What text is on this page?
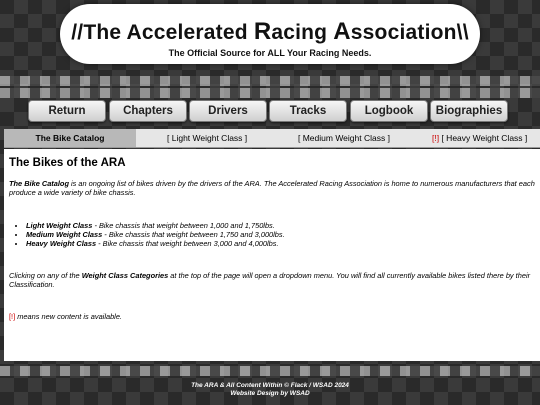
//The Accelerated Racing Association\\
The Official Source for ALL Your Racing Needs.
Return	Chapters	Drivers	Tracks	Logbook	Biographies
The Bike Catalog	[ Light Weight Class ]	[ Medium Weight Class ]	[!] [ Heavy Weight Class ]
The Bikes of the ARA

The Bike Catalog is an ongoing list of bikes driven by the drivers of the ARA. The Accelerated Racing Association is home to numerous manufacturers that each produce a wide variety of bike chassis.

• Light Weight Class - Bike chassis that weight between 1,000 and 1,750lbs.
• Medium Weight Class - Bike chassis that weight between 1,750 and 3,000lbs.
• Heavy Weight Class - Bike chassis that weight between 3,000 and 4,000lbs.

Clicking on any of the Weight Class Categories at the top of the page will open a dropdown menu. You will find all currently available bikes listed there by their Classification.

[!] means new content is available.

The ARA & All Content Within © Flack / WSAD 2024
Website Design by WSAD
